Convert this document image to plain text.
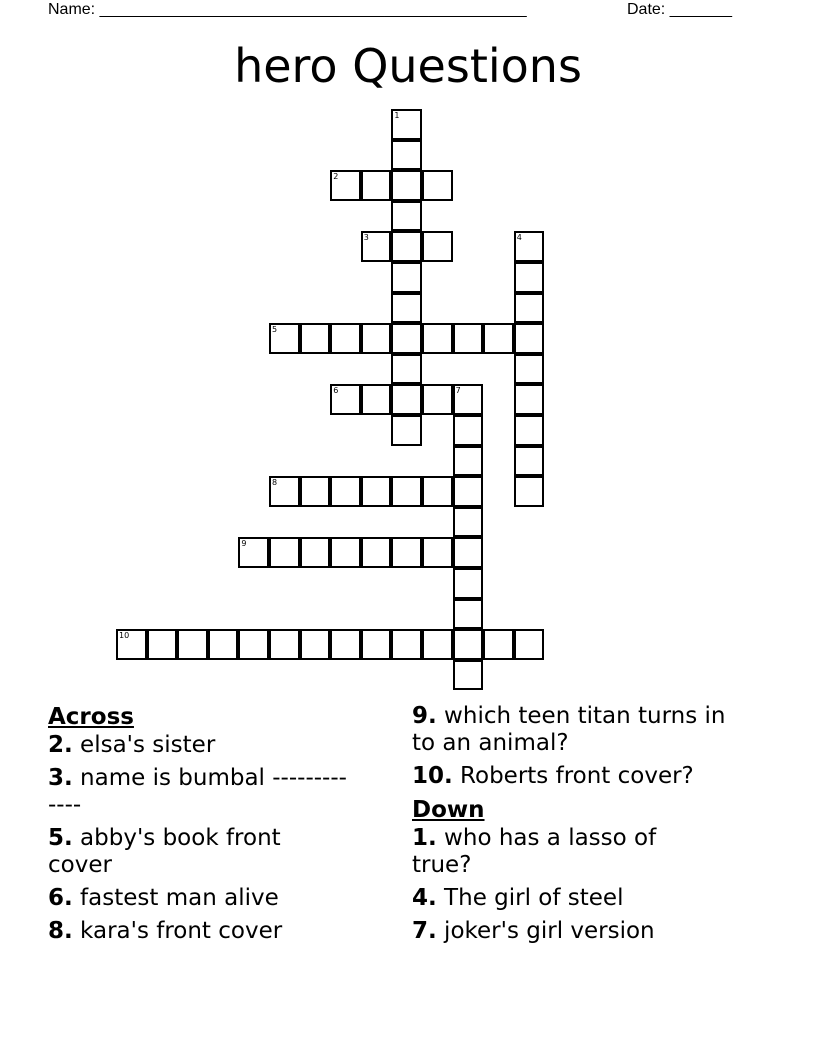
Name: ________________________________________________	Date: _______
hero Questions
1
2
3	4
5
6	7
8
9
10
Across
2. elsa's sister
3. name is bumbal -------------
5. abby's book front cover
6. fastest man alive
8. kara's front cover
9. which teen titan turns in to an animal?
10. Roberts front cover?
Down
1. who has a lasso of true?
4. The girl of steel
7. joker's girl version
